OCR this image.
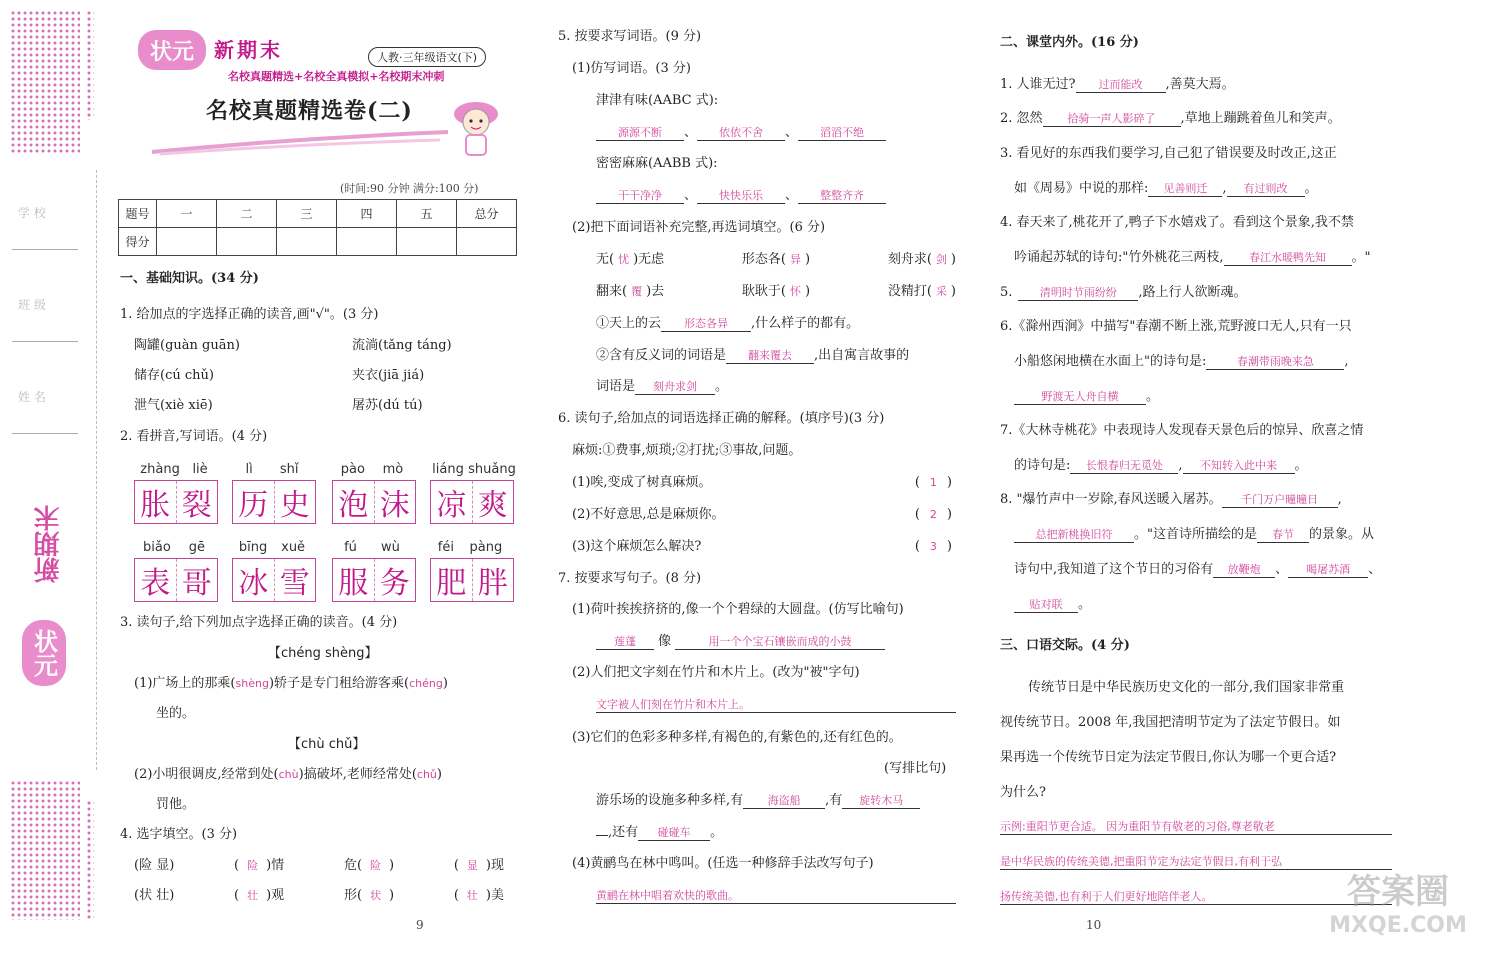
学 校
班 级
姓 名
新期末
状元
状元	新期末	人教·三年级语文(下)
名校真题精选+名校全真模拟+名校期末冲刺
名校真题精选卷(二)
(时间:90 分钟 满分:100 分)
题号	一	二	三	四	五	总分
得分						
一、基础知识。(34 分)
1. 给加点的字选择正确的读音,画"√"。(3 分)
陶罐(guàn guān)	流淌(tǎng táng)
储存(cú chǔ)	夹衣(jiā jiá)
泄气(xiè xiē)	屠苏(dú tú)
2. 看拼音,写词语。(4 分)
zhàng liè
胀 裂
lì shǐ
历 史
pào mò
泡 沫
liáng shuǎng
凉 爽
biǎo gē
表 哥
bīng xuě
冰 雪
fú wù
服 务
féi pàng
肥 胖
3. 读句子,给下列加点字选择正确的读音。(4 分)
【chéng shèng】
(1)广场上的那乘(shèng)轿子是专门租给游客乘(chéng)
坐的。
【chù chǔ】
(2)小明很调皮,经常到处(chù)搞破坏,老师经常处(chǔ)
罚他。
4. 选字填空。(3 分)
(险 显)	( 险 )情	危( 险 )	( 显 )现
(状 壮)	( 壮 )观	形( 状 )	( 壮 )美
9
5. 按要求写词语。(9 分)
(1)仿写词语。(3 分)
津津有味(AABC 式):
源源不断 、 依依不舍 、 滔滔不绝
密密麻麻(AABB 式):
干干净净 、 快快乐乐 、 整整齐齐
(2)把下面词语补充完整,再选词填空。(6 分)
无( 忧 )无虑	形态各( 异 )	刻舟求( 剑 )
翻来( 覆 )去	耿耿于( 怀 )	没精打( 采 )
①天上的云 形态各异 ,什么样子的都有。
②含有反义词的词语是 翻来覆去 ,出自寓言故事的
词语是 刻舟求剑 。
6. 读句子,给加点的词语选择正确的解释。(填序号)(3 分)
麻烦:①费事,烦琐;②打扰;③事故,问题。
(1)唉,变成了树真麻烦。	( 1 )
(2)不好意思,总是麻烦你。	( 2 )
(3)这个麻烦怎么解决?	( 3 )
7. 按要求写句子。(8 分)
(1)荷叶挨挨挤挤的,像一个个碧绿的大圆盘。(仿写比喻句)
莲蓬 像	用一个个宝石镶嵌而成的小鼓
(2)人们把文字刻在竹片和木片上。(改为"被"字句)
文字被人们刻在竹片和木片上。
(3)它们的色彩多种多样,有褐色的,有紫色的,还有红色的。
(写排比句)
游乐场的设施多种多样,有 海盗船 ,有 旋转木马
,还有 碰碰车 。
(4)黄鹂鸟在林中鸣叫。(任选一种修辞手法改写句子)
黄鹂在林中唱着欢快的歌曲。
二、课堂内外。(16 分)
1. 人谁无过? 过而能改 ,善莫大焉。
2. 忽然 拾骑一声人影碎了 ,草地上蹦跳着鱼儿和笑声。
3. 看见好的东西我们要学习,自己犯了错误要及时改正,这正
如《周易》中说的那样: 见善则迁 , 有过则改 。
4. 春天来了,桃花开了,鸭子下水嬉戏了。看到这个景象,我不禁
吟诵起苏轼的诗句:"竹外桃花三两枝, 春江水暖鸭先知 。"
5.	清明时节雨纷纷 ,路上行人欲断魂。
6.《滁州西涧》中描写"春潮不断上涨,荒野渡口无人,只有一只
小船悠闲地横在水面上"的诗句是:	春潮带雨晚来急 ,
野渡无人舟自横 。
7.《大林寺桃花》中表现诗人发现春天景色后的惊异、欣喜之情
的诗句是: 长恨春归无觅处 , 不知转入此中来 。
8. "爆竹声中一岁除,春风送暖入屠苏。 千门万户曈曈日 ,
总把新桃换旧符 。"这首诗所描绘的是 春节 的景象。从
诗句中,我知道了这个节日的习俗有 放鞭炮 、 喝屠苏酒 、
贴对联 。
三、口语交际。(4 分)
传统节日是中华民族历史文化的一部分,我们国家非常重
视传统节日。2008 年,我国把清明节定为了法定节假日。如
果再选一个传统节日定为法定节假日,你认为哪一个更合适?
为什么?
示例:重阳节更合适。 因为重阳节有敬老的习俗,尊老敬老
是中华民族的传统美德,把重阳节定为法定节假日,有利于弘
扬传统美德,也有利于人们更好地陪伴老人。
10
答案圈
MXQE.COM
